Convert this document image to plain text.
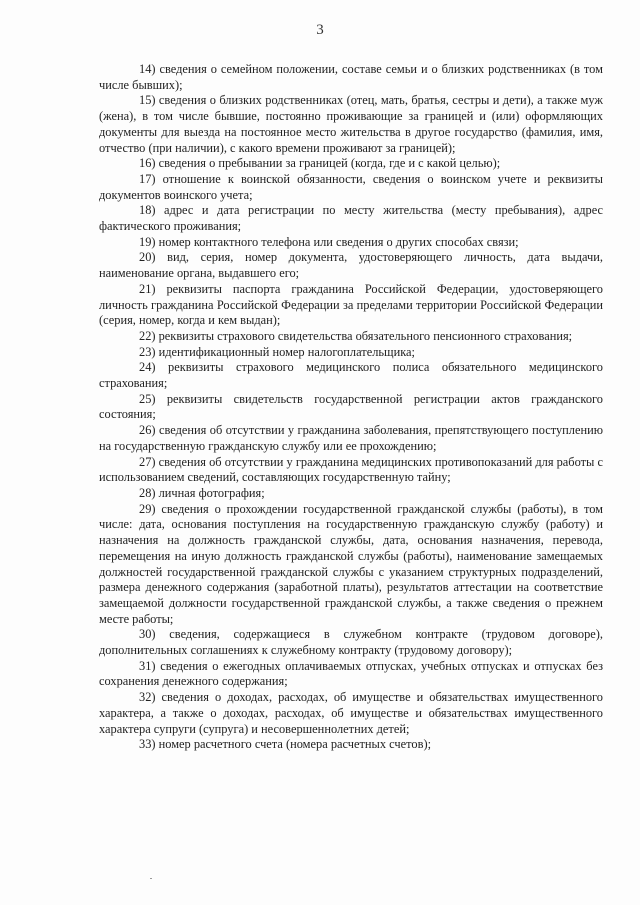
3

14) сведения о семейном положении, составе семьи и о близких родственниках (в том числе бывших);

15) сведения о близких родственниках (отец, мать, братья, сестры и дети), а также муж (жена), в том числе бывшие, постоянно проживающие за границей и (или) оформляющих документы для выезда на постоянное место жительства в другое государство (фамилия, имя, отчество (при наличии), с какого времени проживают за границей);

16) сведения о пребывании за границей (когда, где и с какой целью);

17) отношение к воинской обязанности, сведения о воинском учете и реквизиты документов воинского учета;

18) адрес и дата регистрации по месту жительства (месту пребывания), адрес фактического проживания;

19) номер контактного телефона или сведения о других способах связи;

20) вид, серия, номер документа, удостоверяющего личность, дата выдачи, наименование органа, выдавшего его;

21) реквизиты паспорта гражданина Российской Федерации, удостоверяющего личность гражданина Российской Федерации за пределами территории Российской Федерации (серия, номер, когда и кем выдан);

22) реквизиты страхового свидетельства обязательного пенсионного страхования;

23) идентификационный номер налогоплательщика;

24) реквизиты страхового медицинского полиса обязательного медицинского страхования;

25) реквизиты свидетельств государственной регистрации актов гражданского состояния;

26) сведения об отсутствии у гражданина заболевания, препятствующего поступлению на государственную гражданскую службу или ее прохождению;

27) сведения об отсутствии у гражданина медицинских противопоказаний для работы с использованием сведений, составляющих государственную тайну;

28) личная фотография;

29) сведения о прохождении государственной гражданской службы (работы), в том числе: дата, основания поступления на государственную гражданскую службу (работу) и назначения на должность гражданской службы, дата, основания назначения, перевода, перемещения на иную должность гражданской службы (работы), наименование замещаемых должностей государственной гражданской службы с указанием структурных подразделений, размера денежного содержания (заработной платы), результатов аттестации на соответствие замещаемой должности государственной гражданской службы, а также сведения о прежнем месте работы;

30) сведения, содержащиеся в служебном контракте (трудовом договоре), дополнительных соглашениях к служебному контракту (трудовому договору);

31) сведения о ежегодных оплачиваемых отпусках, учебных отпусках и отпусках без сохранения денежного содержания;

32) сведения о доходах, расходах, об имуществе и обязательствах имущественного характера, а также о доходах, расходах, об имуществе и обязательствах имущественного характера супруги (супруга) и несовершеннолетних детей;

33) номер расчетного счета (номера расчетных счетов);
